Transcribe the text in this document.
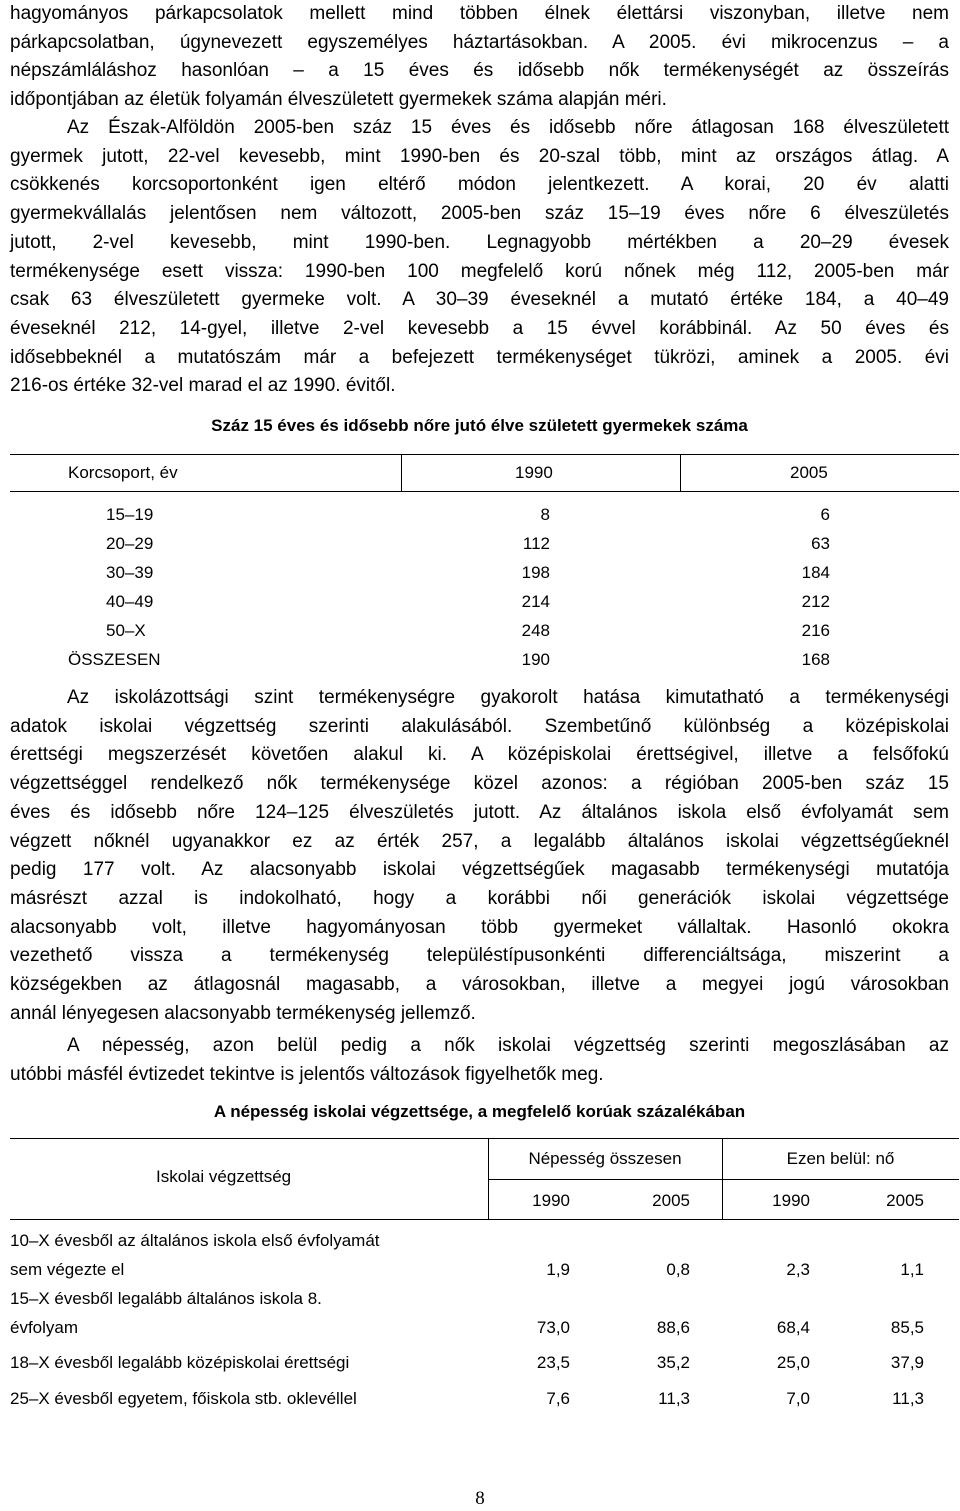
hagyományos párkapcsolatok mellett mind többen élnek élettársi viszonyban, illetve nem
párkapcsolatban, úgynevezett egyszemélyes háztartásokban. A 2005. évi mikrocenzus – a
népszámláláshoz hasonlóan – a 15 éves és idősebb nők termékenységét az összeírás
időpontjában az életük folyamán élveszületett gyermekek száma alapján méri.
Az Észak-Alföldön 2005-ben száz 15 éves és idősebb nőre átlagosan 168 élveszületett
gyermek jutott, 22-vel kevesebb, mint 1990-ben és 20-szal több, mint az országos átlag. A
csökkenés korcsoportonként igen eltérő módon jelentkezett. A korai, 20 év alatti
gyermekvállalás jelentősen nem változott, 2005-ben száz 15–19 éves nőre 6 élveszületés
jutott, 2-vel kevesebb, mint 1990-ben. Legnagyobb mértékben a 20–29 évesek
termékenysége esett vissza: 1990-ben 100 megfelelő korú nőnek még 112, 2005-ben már
csak 63 élveszületett gyermeke volt. A 30–39 éveseknél a mutató értéke 184, a 40–49
éveseknél 212, 14-gyel, illetve 2-vel kevesebb a 15 évvel korábbinál. Az 50 éves és
idősebbeknél a mutatószám már a befejezett termékenységet tükrözi, aminek a 2005. évi
216-os értéke 32-vel marad el az 1990. évitől.

Száz 15 éves és idősebb nőre jutó élve született gyermekek száma

Korcsoport, év	1990	2005
15–19	8	6
20–29	112	63
30–39	198	184
40–49	214	212
50–X	248	216
ÖSSZESEN	190	168
Az iskolázottsági szint termékenységre gyakorolt hatása kimutatható a termékenységi
adatok iskolai végzettség szerinti alakulásából. Szembetűnő különbség a középiskolai
érettségi megszerzését követően alakul ki. A középiskolai érettségivel, illetve a felsőfokú
végzettséggel rendelkező nők termékenysége közel azonos: a régióban 2005-ben száz 15
éves és idősebb nőre 124–125 élveszületés jutott. Az általános iskola első évfolyamát sem
végzett nőknél ugyanakkor ez az érték 257, a legalább általános iskolai végzettségűeknél
pedig 177 volt. Az alacsonyabb iskolai végzettségűek magasabb termékenységi mutatója
másrészt azzal is indokolható, hogy a korábbi női generációk iskolai végzettsége
alacsonyabb volt, illetve hagyományosan több gyermeket vállaltak. Hasonló okokra
vezethető vissza a termékenység településtípusonkénti differenciáltsága, miszerint a
községekben az átlagosnál magasabb, a városokban, illetve a megyei jogú városokban
annál lényegesen alacsonyabb termékenység jellemző.
A népesség, azon belül pedig a nők iskolai végzettség szerinti megoszlásában az
utóbbi másfél évtizedet tekintve is jelentős változások figyelhetők meg.

A népesség iskolai végzettsége, a megfelelő korúak százalékában

Iskolai végzettség
Népesség összesen	Ezen belül: nő
1990	2005	1990	2005
10–X évesből az általános iskola első évfolyamát
sem végezte el	1,9	0,8	2,3	1,1
15–X évesből legalább általános iskola 8.
évfolyam	73,0	88,6	68,4	85,5
18–X évesből legalább középiskolai érettségi	23,5	35,2	25,0	37,9
25–X évesből egyetem, főiskola stb. oklevéllel	7,6	11,3	7,0	11,3
8
